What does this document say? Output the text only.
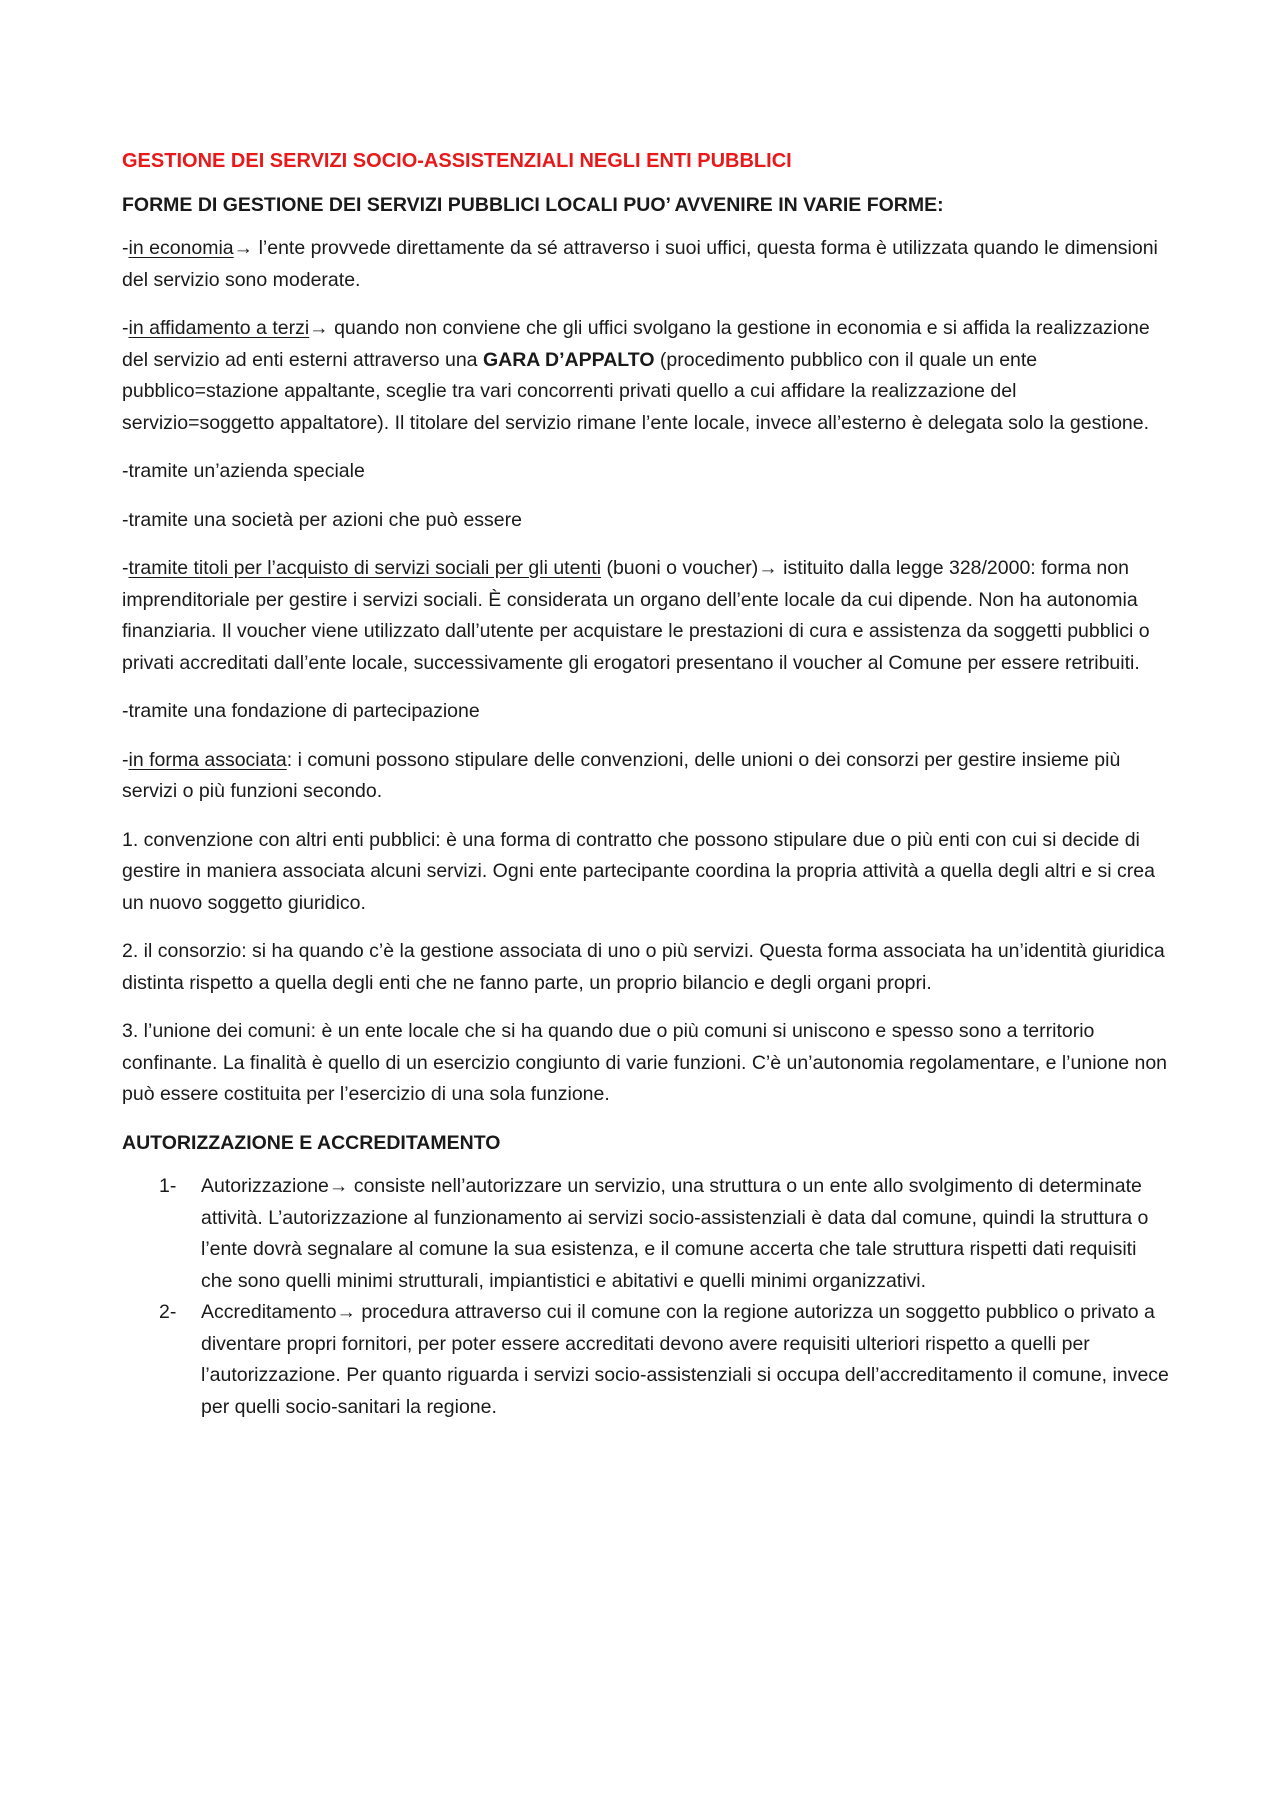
GESTIONE DEI SERVIZI SOCIO-ASSISTENZIALI NEGLI ENTI PUBBLICI

FORME DI GESTIONE DEI SERVIZI PUBBLICI LOCALI PUO’ AVVENIRE IN VARIE FORME:

-in economia→ l’ente provvede direttamente da sé attraverso i suoi uffici, questa forma è utilizzata quando le dimensioni del servizio sono moderate.

-in affidamento a terzi→ quando non conviene che gli uffici svolgano la gestione in economia e si affida la realizzazione del servizio ad enti esterni attraverso una GARA D’APPALTO (procedimento pubblico con il quale un ente pubblico=stazione appaltante, sceglie tra vari concorrenti privati quello a cui affidare la realizzazione del servizio=soggetto appaltatore). Il titolare del servizio rimane l’ente locale, invece all’esterno è delegata solo la gestione.

-tramite un’azienda speciale

-tramite una società per azioni che può essere

-tramite titoli per l’acquisto di servizi sociali per gli utenti (buoni o voucher)→ istituito dalla legge 328/2000: forma non imprenditoriale per gestire i servizi sociali. È considerata un organo dell’ente locale da cui dipende. Non ha autonomia finanziaria. Il voucher viene utilizzato dall’utente per acquistare le prestazioni di cura e assistenza da soggetti pubblici o privati accreditati dall’ente locale, successivamente gli erogatori presentano il voucher al Comune per essere retribuiti.

-tramite una fondazione di partecipazione

-in forma associata: i comuni possono stipulare delle convenzioni, delle unioni o dei consorzi per gestire insieme più servizi o più funzioni secondo.

1. convenzione con altri enti pubblici: è una forma di contratto che possono stipulare due o più enti con cui si decide di gestire in maniera associata alcuni servizi. Ogni ente partecipante coordina la propria attività a quella degli altri e si crea un nuovo soggetto giuridico.

2. il consorzio: si ha quando c’è la gestione associata di uno o più servizi. Questa forma associata ha un’identità giuridica distinta rispetto a quella degli enti che ne fanno parte, un proprio bilancio e degli organi propri.

3. l’unione dei comuni: è un ente locale che si ha quando due o più comuni si uniscono e spesso sono a territorio confinante. La finalità è quello di un esercizio congiunto di varie funzioni. C’è un’autonomia regolamentare, e l’unione non può essere costituita per l’esercizio di una sola funzione.

AUTORIZZAZIONE E ACCREDITAMENTO

1- Autorizzazione→ consiste nell’autorizzare un servizio, una struttura o un ente allo svolgimento di determinate attività. L’autorizzazione al funzionamento ai servizi socio-assistenziali è data dal comune, quindi la struttura o l’ente dovrà segnalare al comune la sua esistenza, e il comune accerta che tale struttura rispetti dati requisiti che sono quelli minimi strutturali, impiantistici e abitativi e quelli minimi organizzativi.
2- Accreditamento→ procedura attraverso cui il comune con la regione autorizza un soggetto pubblico o privato a diventare propri fornitori, per poter essere accreditati devono avere requisiti ulteriori rispetto a quelli per l’autorizzazione. Per quanto riguarda i servizi socio-assistenziali si occupa dell’accreditamento il comune, invece per quelli socio-sanitari la regione.
